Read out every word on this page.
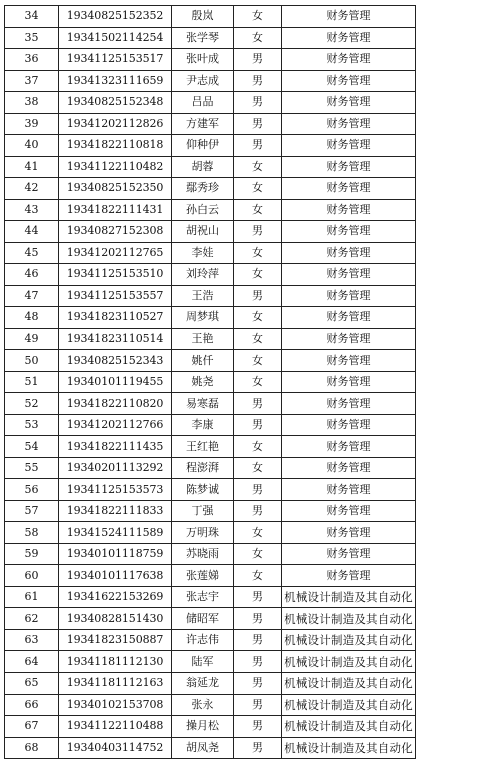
34	19340825152352	殷岚	女	财务管理
35	19341502114254	张学琴	女	财务管理
36	19341125153517	张叶成	男	财务管理
37	19341323111659	尹志成	男	财务管理
38	19340825152348	吕品	男	财务管理
39	19341202112826	方建军	男	财务管理
40	19341822110818	仰种伊	男	财务管理
41	19341122110482	胡蓉	女	财务管理
42	19340825152350	鄢秀珍	女	财务管理
43	19341822111431	孙白云	女	财务管理
44	19340827152308	胡祝山	男	财务管理
45	19341202112765	李娃	女	财务管理
46	19341125153510	刘玲萍	女	财务管理
47	19341125153557	王浩	男	财务管理
48	19341823110527	周梦琪	女	财务管理
49	19341823110514	王艳	女	财务管理
50	19340825152343	姚仟	女	财务管理
51	19340101119455	姚尧	女	财务管理
52	19341822110820	易寒磊	男	财务管理
53	19341202112766	李康	男	财务管理
54	19341822111435	王红艳	女	财务管理
55	19340201113292	程澎湃	女	财务管理
56	19341125153573	陈梦诚	男	财务管理
57	19341822111833	丁强	男	财务管理
58	19341524111589	万明珠	女	财务管理
59	19340101118759	苏晓雨	女	财务管理
60	19340101117638	张莲娣	女	财务管理
61	19341622153269	张志宇	男	机械设计制造及其自动化
62	19340828151430	储昭军	男	机械设计制造及其自动化
63	19341823150887	许志伟	男	机械设计制造及其自动化
64	19341181112130	陆军	男	机械设计制造及其自动化
65	19341181112163	翁延龙	男	机械设计制造及其自动化
66	19340102153708	张永	男	机械设计制造及其自动化
67	19341122110488	操月松	男	机械设计制造及其自动化
68	19340403114752	胡凤尧	男	机械设计制造及其自动化
